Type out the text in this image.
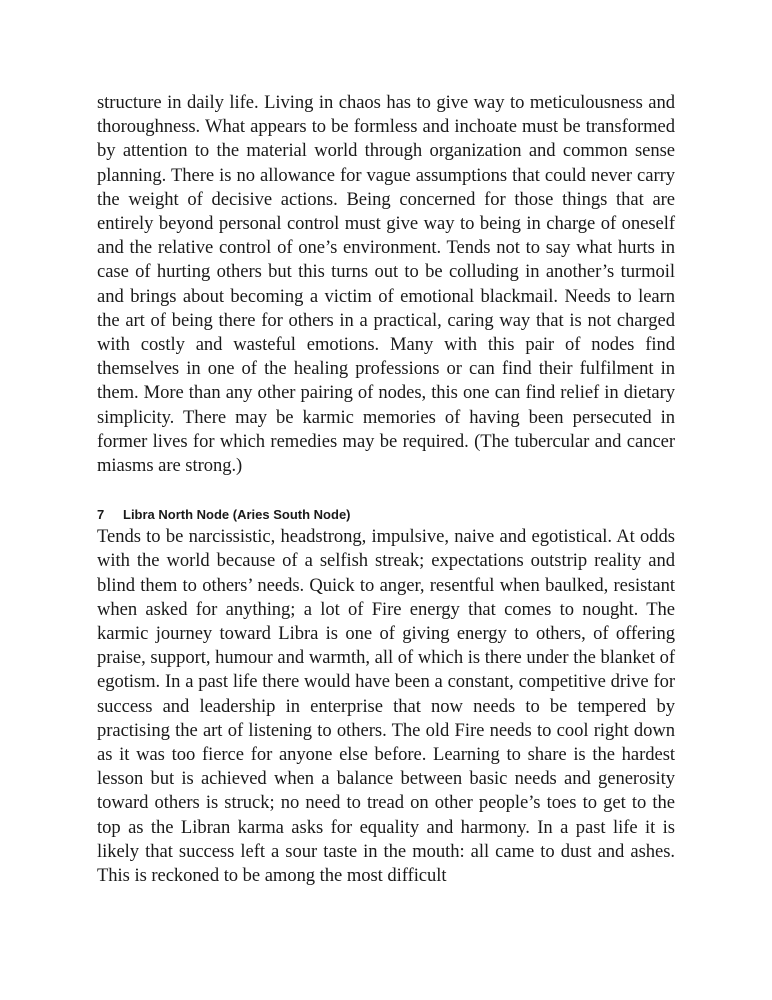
structure in daily life. Living in chaos has to give way to meticulousness and thoroughness. What appears to be formless and inchoate must be transformed by attention to the material world through organization and common sense planning. There is no allowance for vague assumptions that could never carry the weight of decisive actions. Being concerned for those things that are entirely beyond personal control must give way to being in charge of oneself and the relative control of one’s environment. Tends not to say what hurts in case of hurting others but this turns out to be colluding in another’s turmoil and brings about becoming a victim of emotional blackmail. Needs to learn the art of being there for others in a practical, caring way that is not charged with costly and wasteful emotions. Many with this pair of nodes find themselves in one of the healing professions or can find their fulfilment in them. More than any other pairing of nodes, this one can find relief in dietary simplicity. There may be karmic memories of having been persecuted in former lives for which remedies may be required. (The tubercular and cancer miasms are strong.)

7 Libra North Node (Aries South Node)

Tends to be narcissistic, headstrong, impulsive, naive and egotistical. At odds with the world because of a selfish streak; expectations outstrip reality and blind them to others’ needs. Quick to anger, resentful when baulked, resistant when asked for anything; a lot of Fire energy that comes to nought. The karmic journey toward Libra is one of giving energy to others, of offering praise, support, humour and warmth, all of which is there under the blanket of egotism. In a past life there would have been a constant, competitive drive for success and leadership in enterprise that now needs to be tempered by practising the art of listening to others. The old Fire needs to cool right down as it was too fierce for anyone else before. Learning to share is the hardest lesson but is achieved when a balance between basic needs and generosity toward others is struck; no need to tread on other people’s toes to get to the top as the Libran karma asks for equality and harmony. In a past life it is likely that success left a sour taste in the mouth: all came to dust and ashes. This is reckoned to be among the most difficult
